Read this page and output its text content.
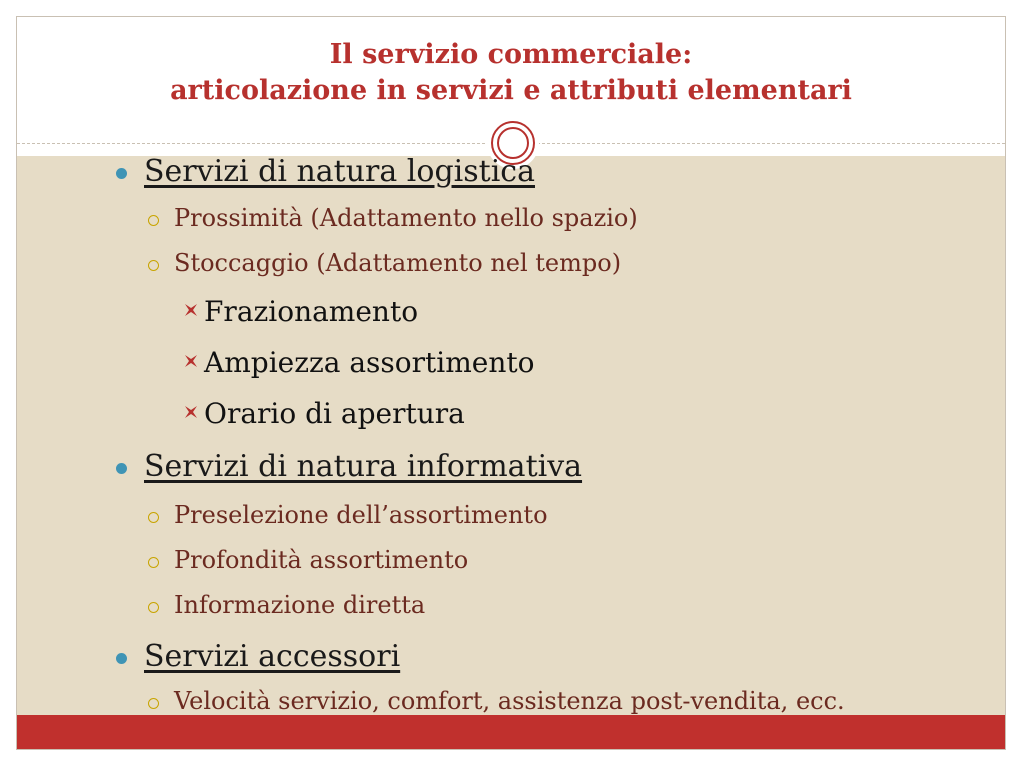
Il servizio commerciale:
articolazione in servizi e attributi elementari
Servizi di natura logistica
Prossimità (Adattamento nello spazio)
Stoccaggio (Adattamento nel tempo)
Frazionamento
Ampiezza assortimento
Orario di apertura
Servizi di natura informativa
Preselezione dell’assortimento
Profondità assortimento
Informazione diretta
Servizi accessori
Velocità servizio, comfort, assistenza post-vendita, ecc.
